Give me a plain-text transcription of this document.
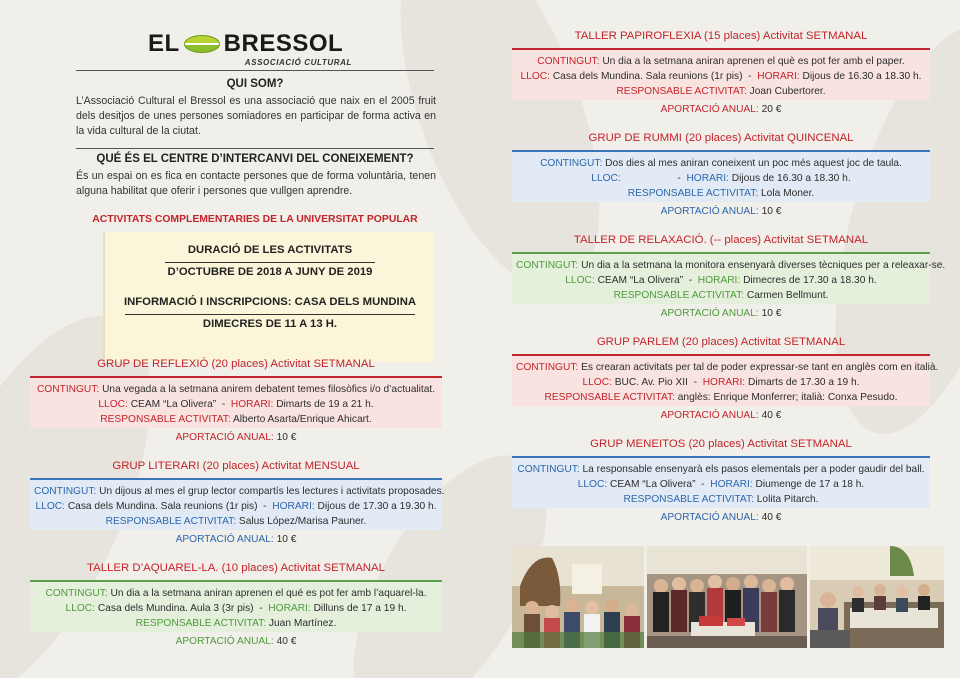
EL BRESSOL
ASSOCIACIÓ CULTURAL
QUI SOM?
L’Associació Cultural el Bressol es una associació que naix en el 2005 fruit dels desitjos de unes persones somiadores en participar de forma activa en la vida cultural de la ciutat.
QUÉ ÉS EL CENTRE D’INTERCANVI DEL CONEIXEMENT?
És un espai on es fica en contacte persones que de forma voluntària, tenen alguna habilitat que oferir i persones que vullgen aprendre.
ACTIVITATS COMPLEMENTARIES DE LA UNIVERSITAT POPULAR
DURACIÓ DE LES ACTIVITATS
D’OCTUBRE DE 2018 A JUNY DE 2019
INFORMACIÓ I INSCRIPCIONS: CASA DELS MUNDINA
DIMECRES DE 11 A 13 H.
GRUP DE REFLEXIÓ (20 places) Activitat SETMANAL
CONTINGUT: Una vegada a la setmana anirem debatent temes filosòfics i/o d’actualitat.
LLOC: CEAM “La Olivera”  -  HORARI: Dimarts de 19 a 21 h.
RESPONSABLE ACTIVITAT: Alberto Asarta/Enrique Ahicart.
APORTACIÓ ANUAL: 10 €
GRUP LITERARI (20 places) Activitat MENSUAL
CONTINGUT: Un dijous al mes el grup lector compartís les lectures i activitats proposades.
LLOC: Casa dels Mundina. Sala reunions (1r pis)  -  HORARI: Dijous de 17.30 a 19.30 h.
RESPONSABLE ACTIVITAT: Salus López/Marisa Pauner.
APORTACIÓ ANUAL: 10 €
TALLER D’AQUAREL-LA. (10 places) Activitat SETMANAL
CONTINGUT: Un dia a la setmana aniran aprenen el qué es pot fer amb l’aquarel-la.
LLOC: Casa dels Mundina. Aula 3 (3r pis)  -  HORARI: Dilluns de 17 a 19 h.
RESPONSABLE ACTIVITAT: Juan Martínez.
APORTACIÓ ANUAL: 40 €
TALLER PAPIROFLEXIA (15 places) Activitat SETMANAL
CONTINGUT: Un dia a la setmana aniran aprenen el què es pot fer amb el paper.
LLOC: Casa dels Mundina. Sala reunions (1r pis)  -  HORARI: Dijous de 16.30 a 18.30 h.
RESPONSABLE ACTIVITAT: Joan Cubertorer.
APORTACIÓ ANUAL: 20 €
GRUP DE RUMMI (20 places) Activitat QUINCENAL
CONTINGUT: Dos dies al mes aniran coneixent un poc més aquest joc de taula.
LLOC:                    -  HORARI: Dijous de 16.30 a 18.30 h.
RESPONSABLE ACTIVITAT: Lola Moner.
APORTACIÓ ANUAL: 10 €
TALLER DE RELAXACIÓ. (-- places) Activitat SETMANAL
CONTINGUT: Un dia a la setmana la monitora ensenyarà diverses tècniques per a releaxar-se.
LLOC: CEAM “La Olivera”  -  HORARI: Dimecres de 17.30 a 18.30 h.
RESPONSABLE ACTIVITAT: Carmen Bellmunt.
APORTACIÓ ANUAL: 10 €
GRUP PARLEM (20 places) Activitat SETMANAL
CONTINGUT: Es crearan activitats per tal de poder expressar-se tant en anglès com en italià.
LLOC: BUC. Av. Pio XII  -  HORARI: Dimarts de 17.30 a 19 h.
RESPONSABLE ACTIVITAT: anglès: Enrique Monferrer; italià: Conxa Pesudo.
APORTACIÓ ANUAL: 40 €
GRUP MENEITOS (20 places) Activitat SETMANAL
CONTINGUT: La responsable ensenyarà els pasos elementals per a poder gaudir del ball.
LLOC: CEAM “La Olivera”  -  HORARI: Diumenge de 17 a 18 h.
RESPONSABLE ACTIVITAT: Lolita Pitarch.
APORTACIÓ ANUAL: 40 €
